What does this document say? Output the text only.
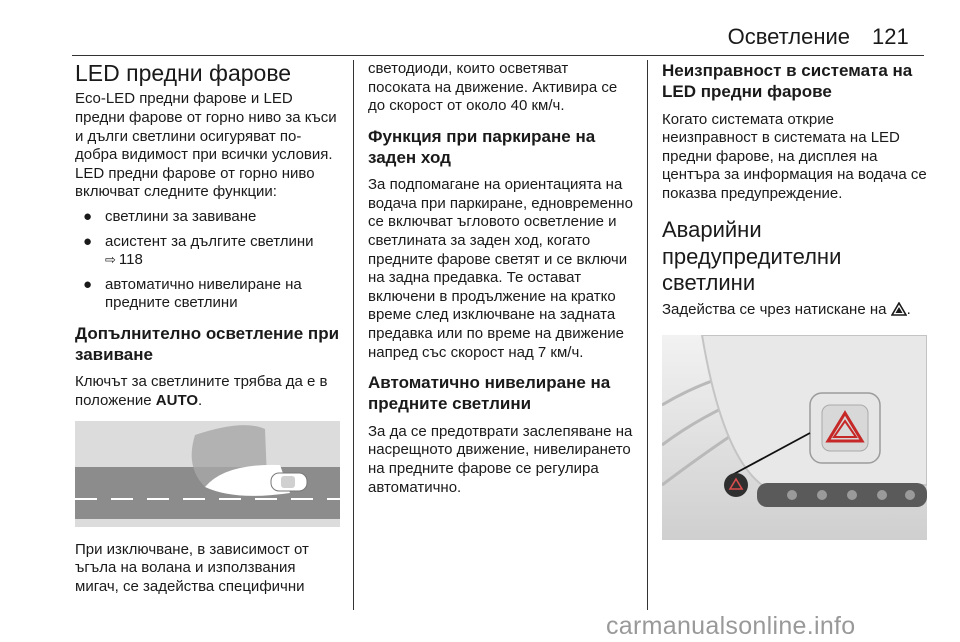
Осветление 121
LED предни фарове

Eco-LED предни фарове и LED предни фарове от горно ниво за къси и дълги светлини осигуряват по-добра видимост при всички условия. LED предни фарове от горно ниво включват следните функции:

● светлини за завиване
● асистент за дългите светлини
⇨ 118
● автоматично нивелиране на предните светлини
Допълнително осветление при завиване

Ключът за светлините трябва да е в положение AUTO.

При изключване, в зависимост от ъгъла на волана и използвания мигач, се задейства специфични

светодиоди, които осветяват посоката на движение. Активира се до скорост от около 40 км/ч.

Функция при паркиране на заден ход

За подпомагане на ориентацията на водача при паркиране, едновременно се включват ъгловото осветление и светлината за заден ход, когато предните фарове светят и се включи на задна предавка. Те остават включени в продължение на кратко време след изключване на задната предавка или по време на движение напред със скорост над 7 км/ч.

Автоматично нивелиране на предните светлини

За да се предотврати заслепяване на насрещното движение, нивелирането на предните фарове се регулира автоматично.

Неизправност в системата на LED предни фарове

Когато системата открие неизправност в системата на LED предни фарове, на дисплея на центъра за информация на водача се показва предупреждение.

Аварийни предупредителни светлини

Задейства се чрез натискане на .

carmanualsonline.info
